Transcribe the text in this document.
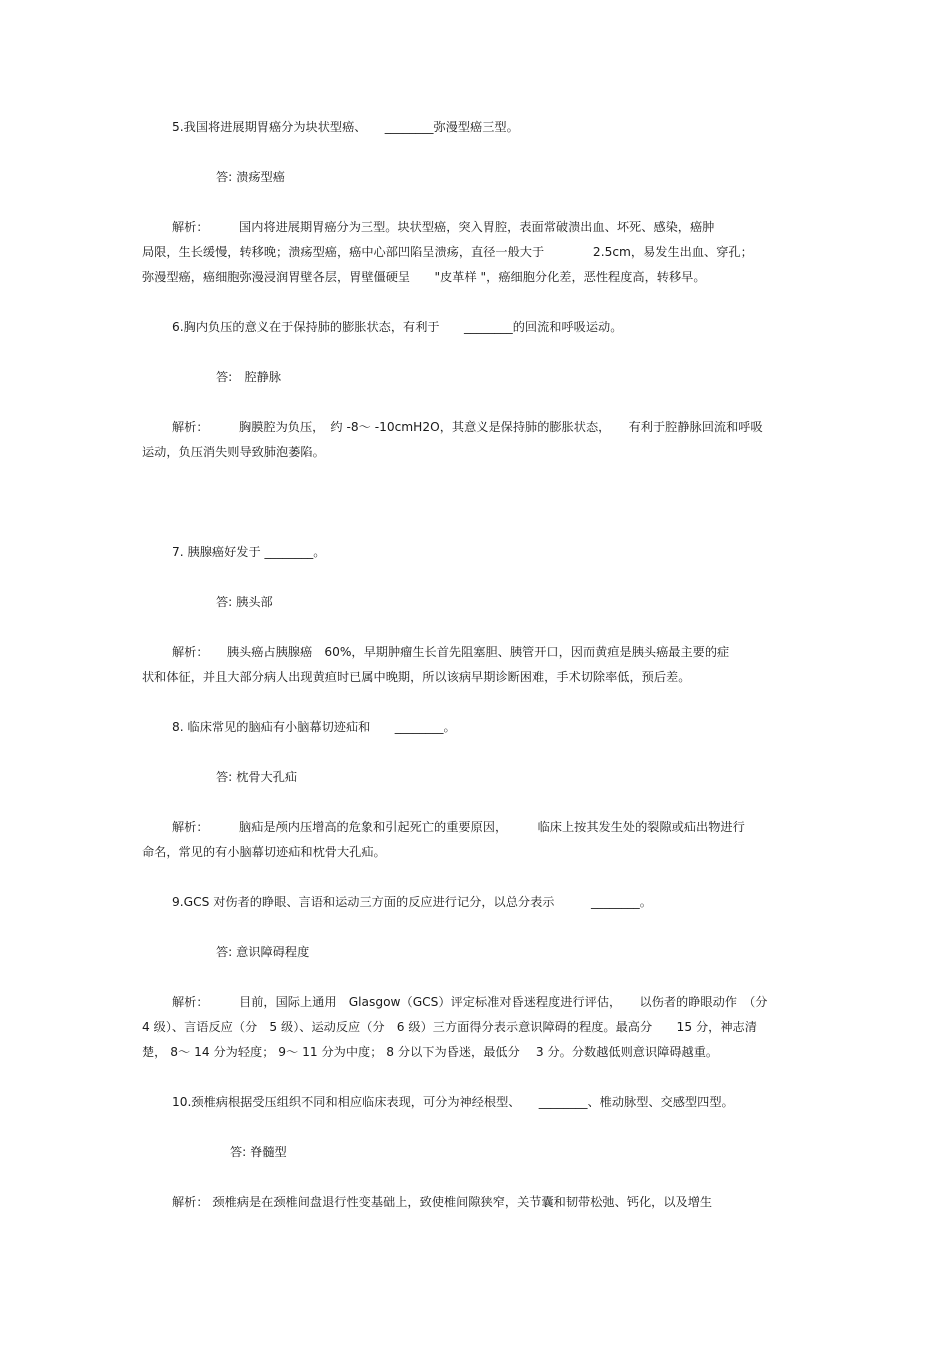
5.我国将进展期胃癌分为块状型癌、　　________弥漫型癌三型。
答: 溃疡型癌
解析：　　　国内将进展期胃癌分为三型。块状型癌，突入胃腔，表面常破溃出血、坏死、感染，癌肿
局限，生长缓慢，转移晚；溃疡型癌，癌中心部凹陷呈溃疡，直径一般大于　　　　2.5cm，易发生出血、穿孔；
弥漫型癌，癌细胞弥漫浸润胃壁各层，胃壁僵硬呈　　"皮革样 "，癌细胞分化差，恶性程度高，转移早。
6.胸内负压的意义在于保持肺的膨胀状态，有利于　　________的回流和呼吸运动。
答:　腔静脉
解析：　　　胸膜腔为负压，　约 -8～ -10cmH2O，其意义是保持肺的膨胀状态，　　有利于腔静脉回流和呼吸
运动，负压消失则导致肺泡萎陷。
7. 胰腺癌好发于 ________。
答: 胰头部
解析：　　胰头癌占胰腺癌　60%，早期肿瘤生长首先阻塞胆、胰管开口，因而黄疸是胰头癌最主要的症
状和体征，并且大部分病人出现黄疸时已属中晚期，所以该病早期诊断困难，手术切除率低，预后差。
8. 临床常见的脑疝有小脑幕切迹疝和　　________。
答: 枕骨大孔疝
解析：　　　脑疝是颅内压增高的危象和引起死亡的重要原因，　　　临床上按其发生处的裂隙或疝出物进行
命名，常见的有小脑幕切迹疝和枕骨大孔疝。
9.GCS 对伤者的睁眼、言语和运动三方面的反应进行记分，以总分表示　　　________。
答: 意识障碍程度
解析：　　　目前，国际上通用　Glasgow（GCS）评定标准对昏迷程度进行评估，　　以伤者的睁眼动作　（分
4 级）、言语反应（分　5 级）、运动反应（分　6 级）三方面得分表示意识障碍的程度。最高分　　15 分，神志清
楚， 8～ 14 分为轻度； 9～ 11 分为中度； 8 分以下为昏迷，最低分　 3 分。分数越低则意识障碍越重。
10.颈椎病根据受压组织不同和相应临床表现，可分为神经根型、　　________、椎动脉型、交感型四型。
答: 脊髓型
解析： 颈椎病是在颈椎间盘退行性变基础上，致使椎间隙狭窄，关节囊和韧带松弛、钙化，以及增生
